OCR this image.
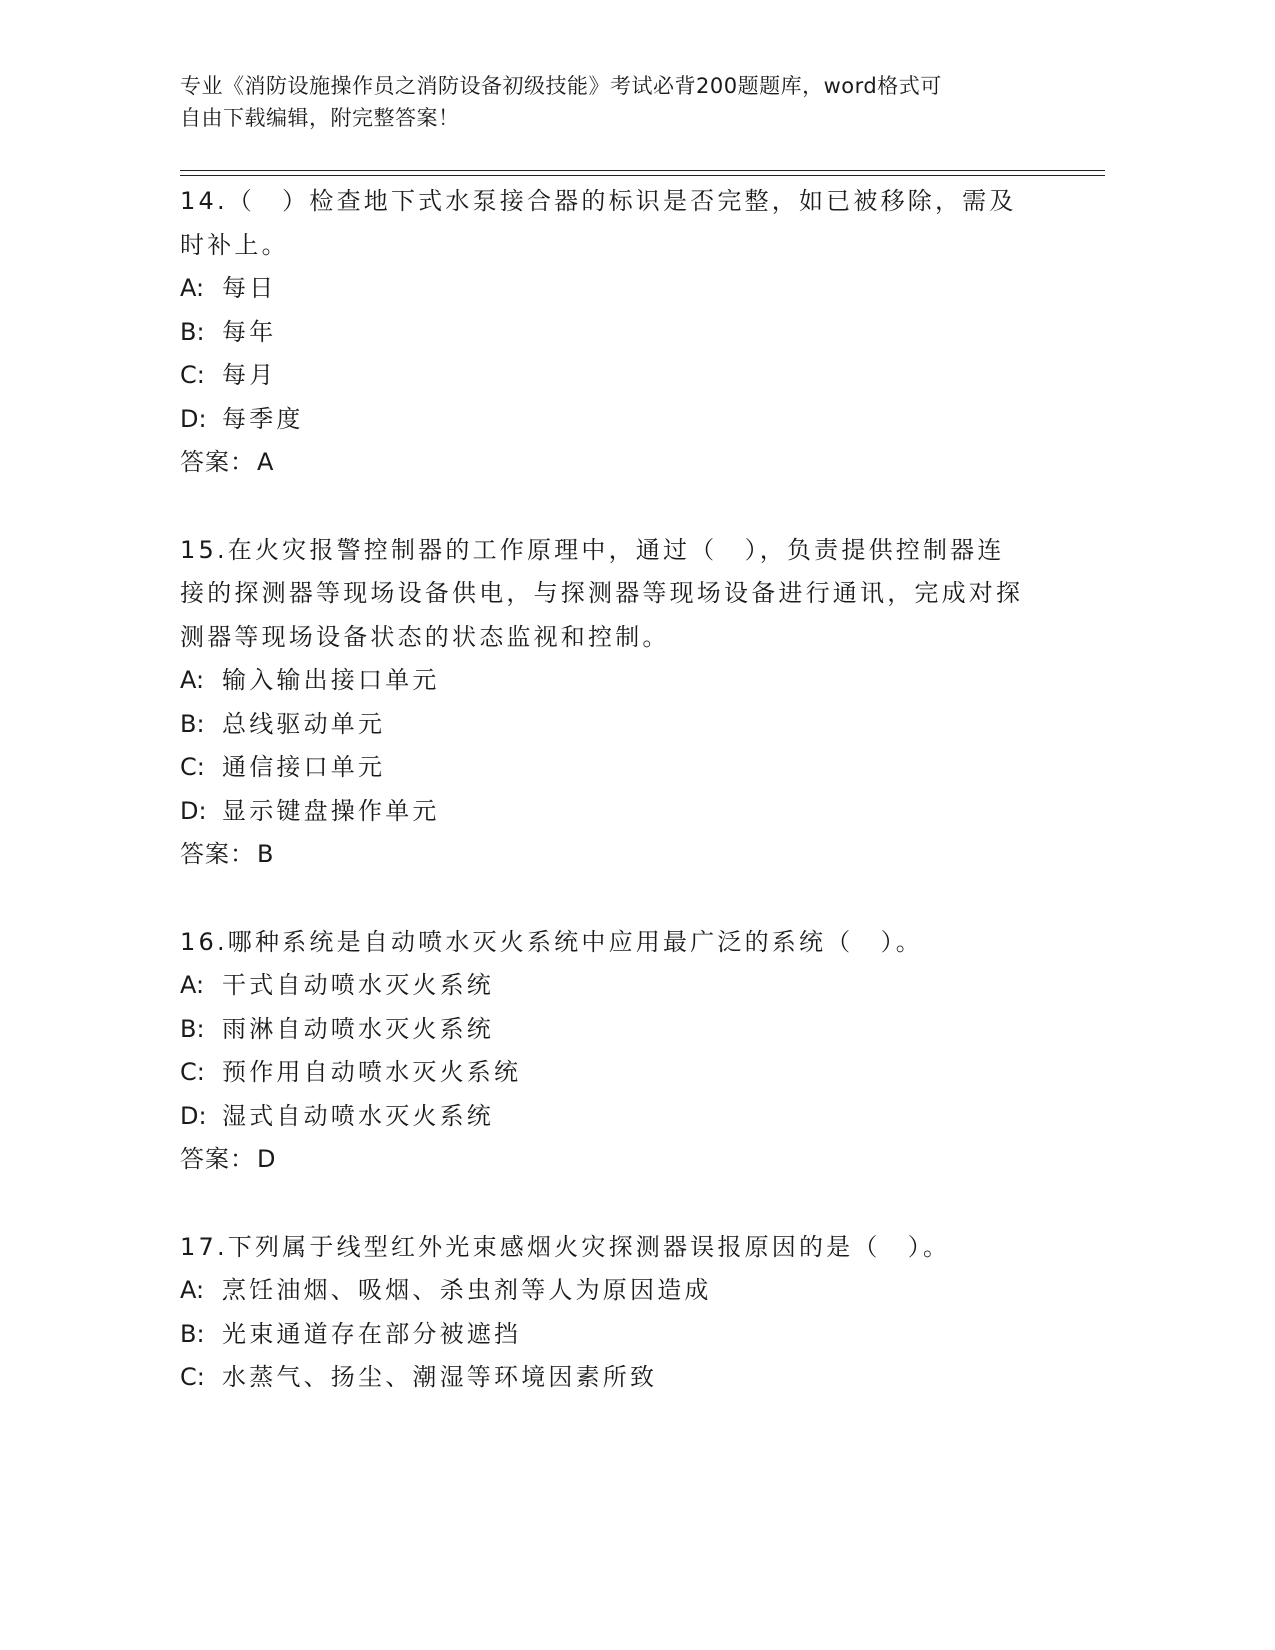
专业《消防设施操作员之消防设备初级技能》考试必背200题题库，word格式可
自由下载编辑，附完整答案！
14.（　）检查地下式水泵接合器的标识是否完整，如已被移除，需及时补上。
A: 每日
B: 每年
C: 每月
D: 每季度
答案：A
15.在火灾报警控制器的工作原理中，通过（　），负责提供控制器连接的探测器等现场设备供电，与探测器等现场设备进行通讯，完成对探测器等现场设备状态的状态监视和控制。
A: 输入输出接口单元
B: 总线驱动单元
C: 通信接口单元
D: 显示键盘操作单元
答案：B
16.哪种系统是自动喷水灭火系统中应用最广泛的系统（　）。
A: 干式自动喷水灭火系统
B: 雨淋自动喷水灭火系统
C: 预作用自动喷水灭火系统
D: 湿式自动喷水灭火系统
答案：D
17.下列属于线型红外光束感烟火灾探测器误报原因的是（　）。
A: 烹饪油烟、吸烟、杀虫剂等人为原因造成
B: 光束通道存在部分被遮挡
C: 水蒸气、扬尘、潮湿等环境因素所致
